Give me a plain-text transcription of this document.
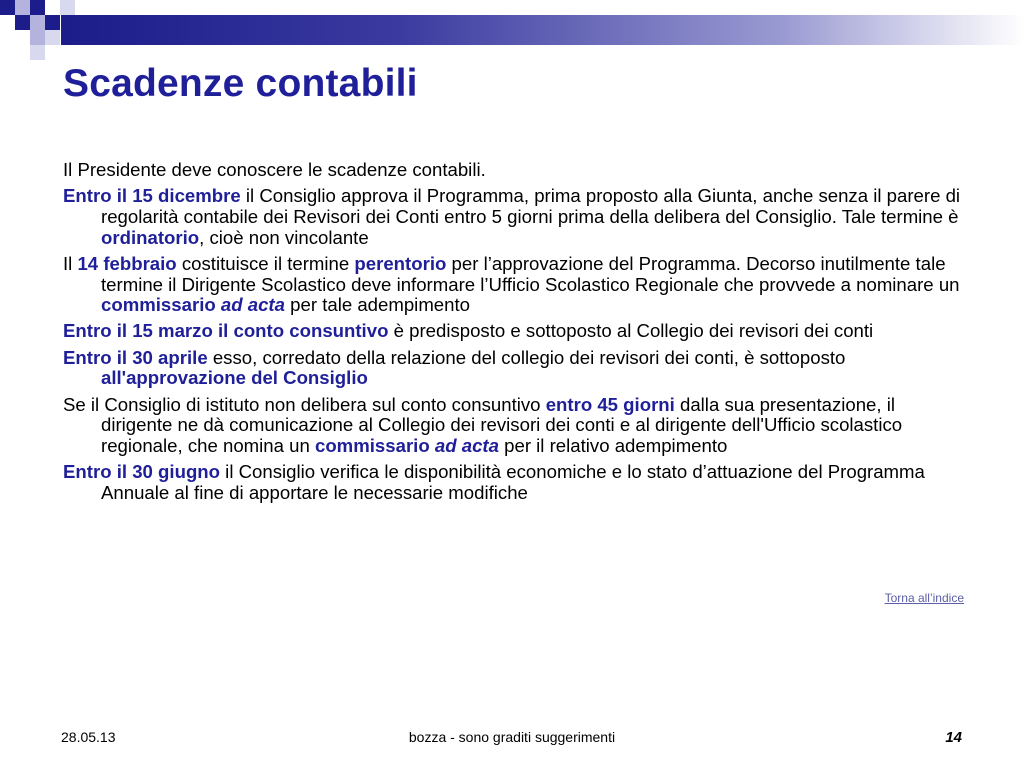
Scadenze contabili

Il Presidente deve conoscere le scadenze contabili.

Entro il 15 dicembre il Consiglio approva il Programma, prima proposto alla Giunta, anche senza il parere di regolarità contabile dei Revisori dei Conti entro 5 giorni prima della delibera del Consiglio. Tale termine è ordinatorio, cioè non vincolante

Il 14 febbraio costituisce il termine perentorio per l’approvazione del Programma. Decorso inutilmente tale termine il Dirigente Scolastico deve informare l’Ufficio Scolastico Regionale che provvede a nominare un commissario ad acta per tale adempimento

Entro il 15 marzo il conto consuntivo è predisposto e sottoposto al Collegio dei revisori dei conti

Entro il 30 aprile esso, corredato della relazione del collegio dei revisori dei conti, è sottoposto all'approvazione del Consiglio

Se il Consiglio di istituto non delibera sul conto consuntivo entro 45 giorni dalla sua presentazione, il dirigente ne dà comunicazione al Collegio dei revisori dei conti e al dirigente dell'Ufficio scolastico regionale, che nomina un commissario ad acta per il relativo adempimento

Entro il 30 giugno il Consiglio verifica le disponibilità economiche e lo stato d’attuazione del Programma Annuale al fine di apportare le necessarie modifiche

Torna all’indice
28.05.13	bozza - sono graditi suggerimenti	14
